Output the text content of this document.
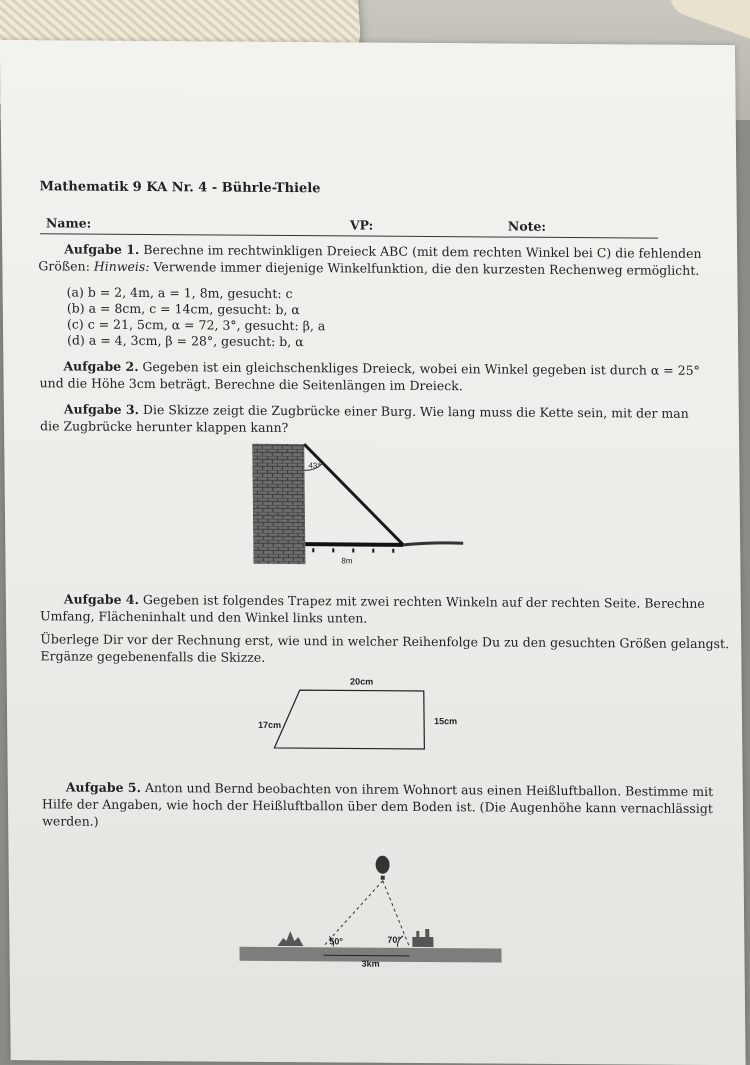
Mathematik 9 KA Nr. 4 - Bührle-Thiele
Name:	VP:	Note:
Aufgabe 1. Berechne im rechtwinkligen Dreieck ABC (mit dem rechten Winkel bei C) die fehlenden
Größen: Hinweis: Verwende immer diejenige Winkelfunktion, die den kurzesten Rechenweg ermöglicht.
(a) b = 2, 4m, a = 1, 8m, gesucht: c
(b) a = 8cm, c = 14cm, gesucht: b, α
(c) c = 21, 5cm, α = 72, 3°, gesucht: β, a
(d) a = 4, 3cm, β = 28°, gesucht: b, α
Aufgabe 2. Gegeben ist ein gleichschenkliges Dreieck, wobei ein Winkel gegeben ist durch α = 25°
und die Höhe 3cm beträgt. Berechne die Seitenlängen im Dreieck.
Aufgabe 3. Die Skizze zeigt die Zugbrücke einer Burg. Wie lang muss die Kette sein, mit der man
die Zugbrücke herunter klappen kann?
43°
8m
Aufgabe 4. Gegeben ist folgendes Trapez mit zwei rechten Winkeln auf der rechten Seite. Berechne
Umfang, Flächeninhalt und den Winkel links unten.
Überlege Dir vor der Rechnung erst, wie und in welcher Reihenfolge Du zu den gesuchten Größen gelangst.
Ergänze gegebenenfalls die Skizze.
20cm
17cm	15cm
Aufgabe 5. Anton und Bernd beobachten von ihrem Wohnort aus einen Heißluftballon. Bestimme mit
Hilfe der Angaben, wie hoch der Heißluftballon über dem Boden ist. (Die Augenhöhe kann vernachlässigt
werden.)
50°	70°
3km
